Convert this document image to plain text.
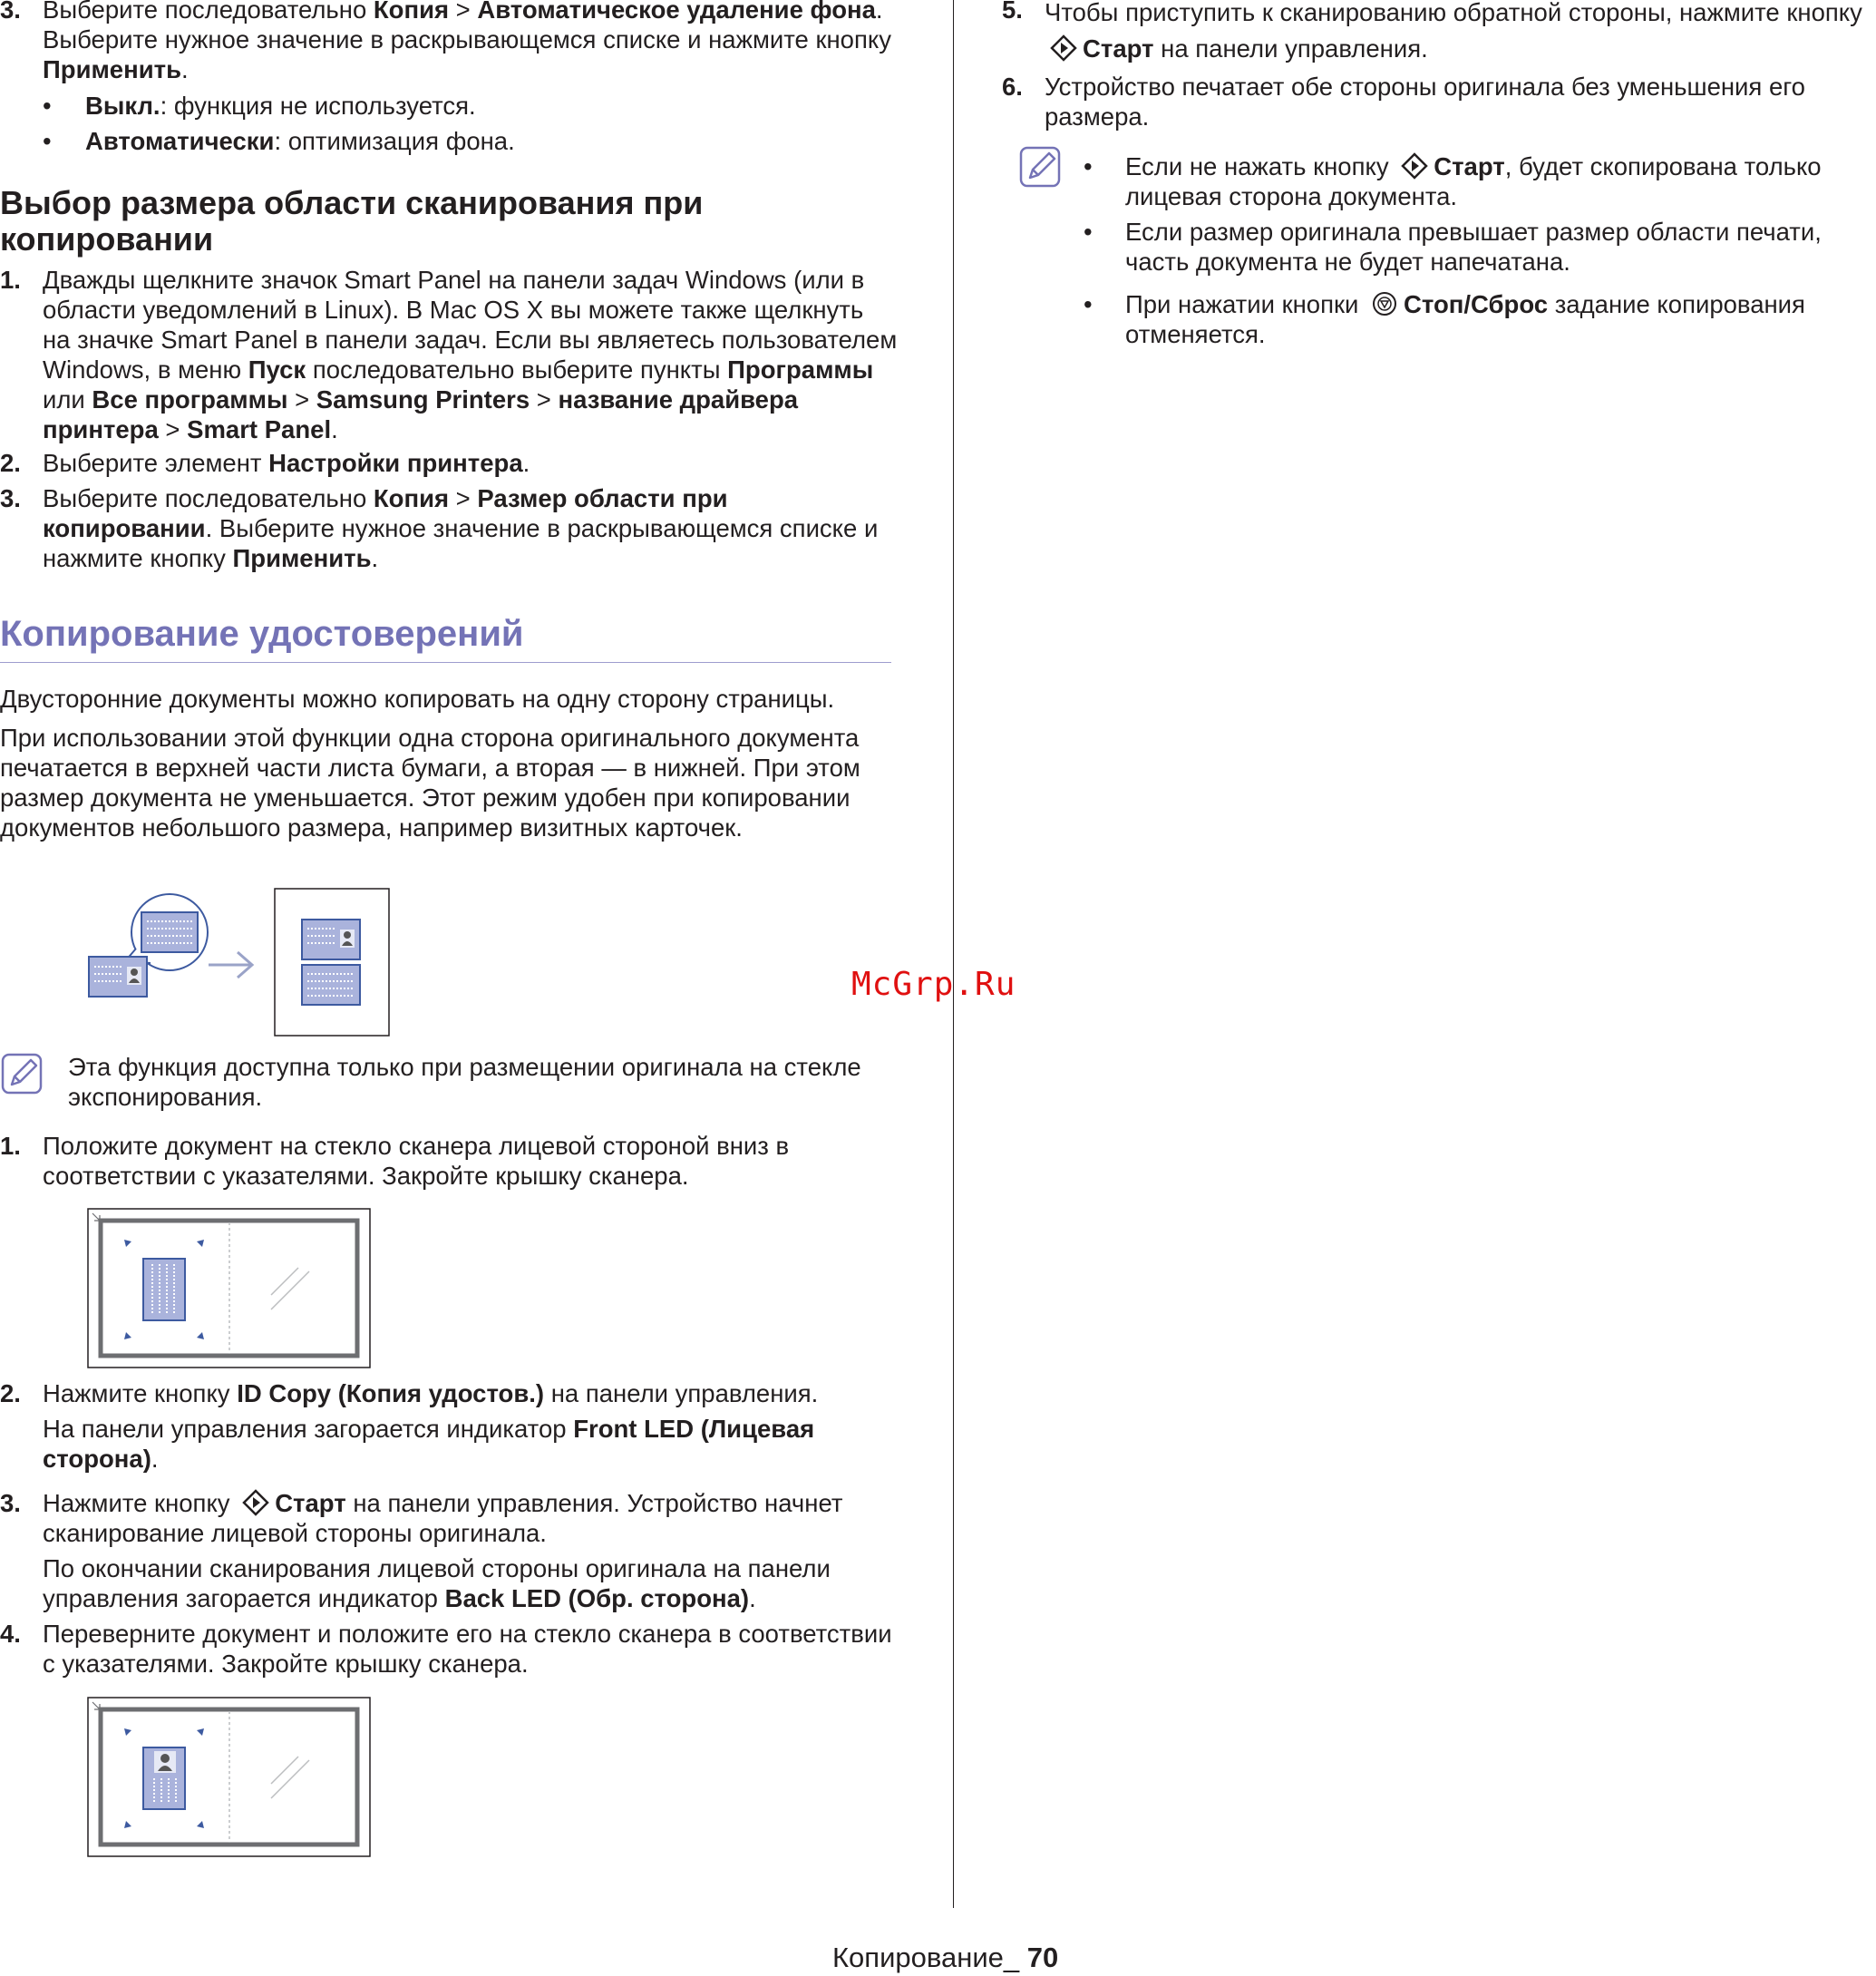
3. Выберите последовательно Копия > Автоматическое удаление фона. Выберите нужное значение в раскрывающемся списке и нажмите кнопку Применить.
• Выкл.: функция не используется.
• Автоматически: оптимизация фона.
Выбор размера области сканирования при копировании
1. Дважды щелкните значок Smart Panel на панели задач Windows (или в области уведомлений в Linux). В Mac OS X вы можете также щелкнуть на значке Smart Panel в панели задач. Если вы являетесь пользователем Windows, в меню Пуск последовательно выберите пункты Программы или Все программы > Samsung Printers > название драйвера принтера > Smart Panel.
2. Выберите элемент Настройки принтера.
3. Выберите последовательно Копия > Размер области при копировании. Выберите нужное значение в раскрывающемся списке и нажмите кнопку Применить.
Копирование удостоверений
Двусторонние документы можно копировать на одну сторону страницы.
При использовании этой функции одна сторона оригинального документа печатается в верхней части листа бумаги, а вторая — в нижней. При этом размер документа не уменьшается. Этот режим удобен при копировании документов небольшого размера, например визитных карточек.
Эта функция доступна только при размещении оригинала на стекле экспонирования.
1. Положите документ на стекло сканера лицевой стороной вниз в соответствии с указателями. Закройте крышку сканера.
2. Нажмите кнопку ID Copy (Копия удостов.) на панели управления.
На панели управления загорается индикатор Front LED (Лицевая сторона).
3. Нажмите кнопку Старт на панели управления. Устройство начнет сканирование лицевой стороны оригинала.
По окончании сканирования лицевой стороны оригинала на панели управления загорается индикатор Back LED (Обр. сторона).
4. Переверните документ и положите его на стекло сканера в соответствии с указателями. Закройте крышку сканера.
5. Чтобы приступить к сканированию обратной стороны, нажмите кнопку Старт на панели управления.
6. Устройство печатает обе стороны оригинала без уменьшения его размера.
• Если не нажать кнопку Старт, будет скопирована только лицевая сторона документа.
• Если размер оригинала превышает размер области печати, часть документа не будет напечатана.
• При нажатии кнопки Стоп/Сброс задание копирования отменяется.
McGrp.Ru
Копирование_ 70
